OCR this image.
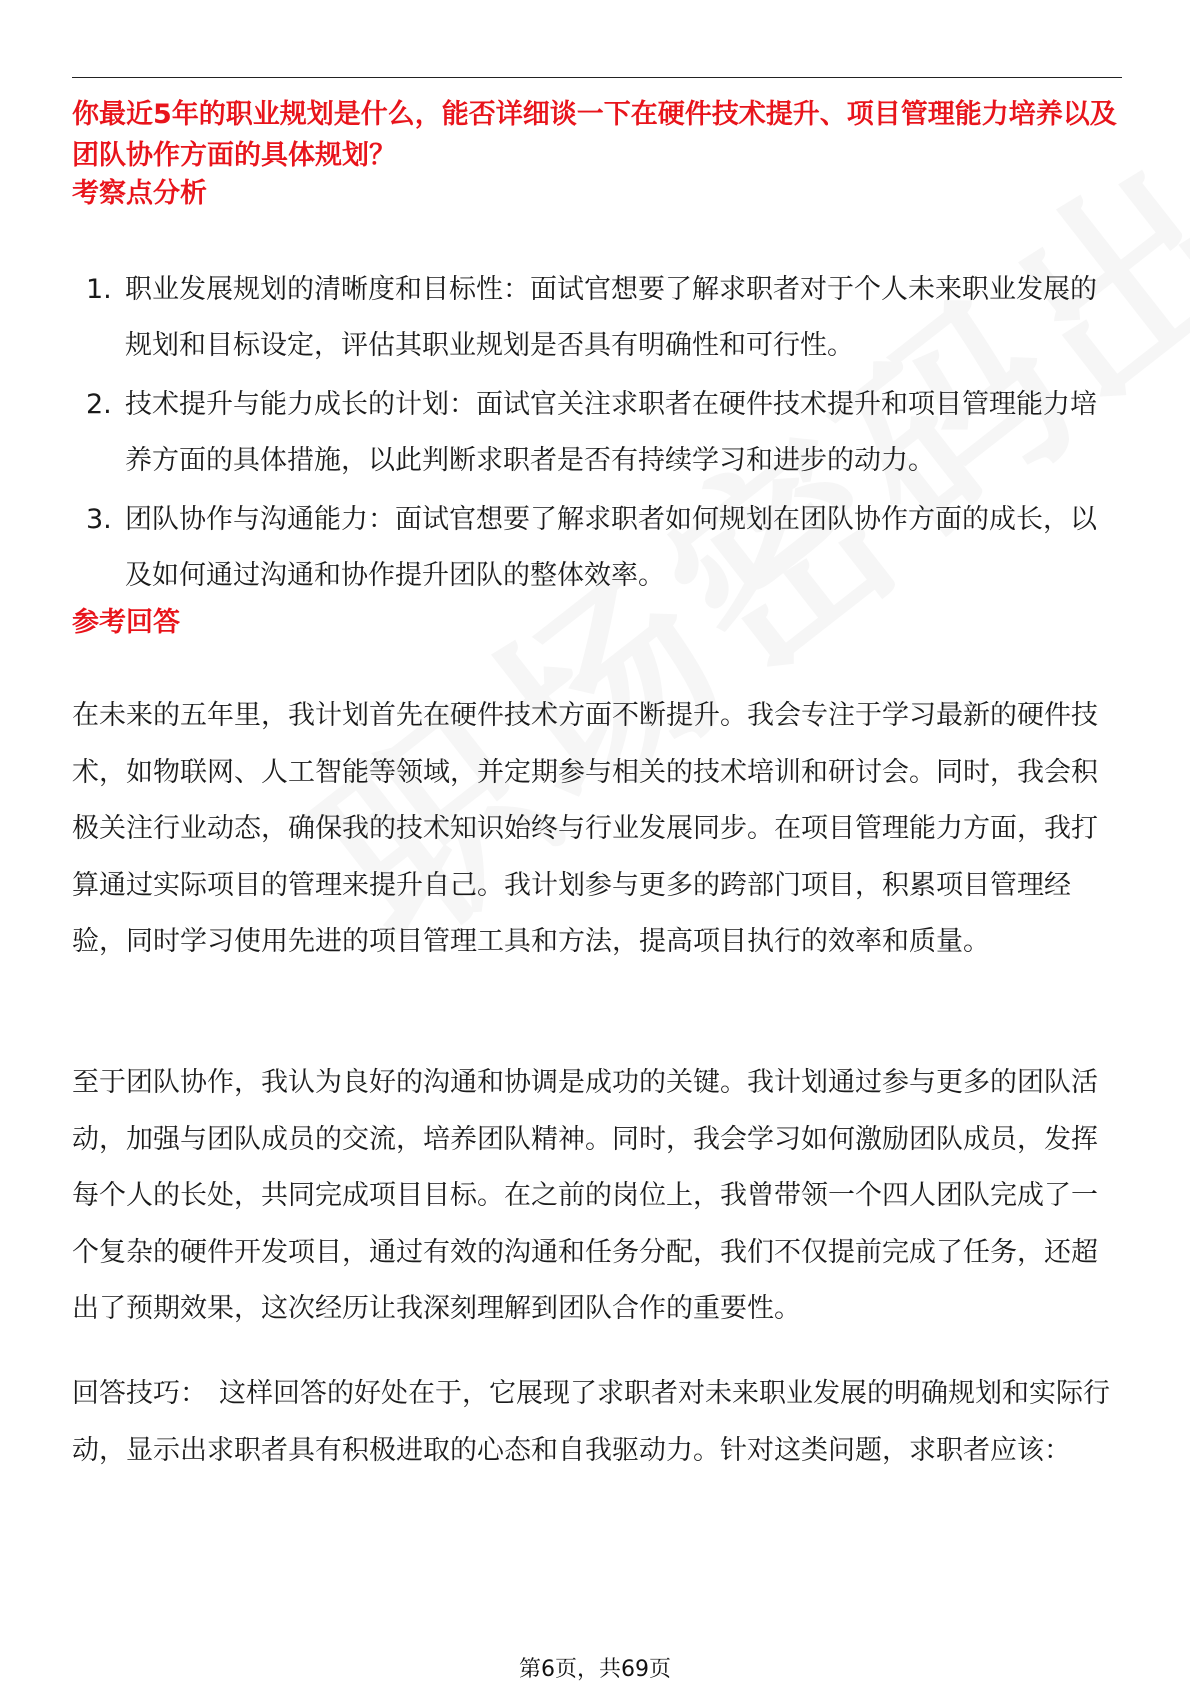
你最近5年的职业规划是什么，能否详细谈一下在硬件技术提升、项目管理能力培养以及团队协作方面的具体规划？
考察点分析
1. 职业发展规划的清晰度和目标性：面试官想要了解求职者对于个人未来职业发展的规划和目标设定，评估其职业规划是否具有明确性和可行性。
2. 技术提升与能力成长的计划：面试官关注求职者在硬件技术提升和项目管理能力培养方面的具体措施，以此判断求职者是否有持续学习和进步的动力。
3. 团队协作与沟通能力：面试官想要了解求职者如何规划在团队协作方面的成长，以及如何通过沟通和协作提升团队的整体效率。
参考回答

在未来的五年里，我计划首先在硬件技术方面不断提升。我会专注于学习最新的硬件技术，如物联网、人工智能等领域，并定期参与相关的技术培训和研讨会。同时，我会积极关注行业动态，确保我的技术知识始终与行业发展同步。在项目管理能力方面，我打算通过实际项目的管理来提升自己。我计划参与更多的跨部门项目，积累项目管理经验，同时学习使用先进的项目管理工具和方法，提高项目执行的效率和质量。

至于团队协作，我认为良好的沟通和协调是成功的关键。我计划通过参与更多的团队活动，加强与团队成员的交流，培养团队精神。同时，我会学习如何激励团队成员，发挥每个人的长处，共同完成项目目标。在之前的岗位上，我曾带领一个四人团队完成了一个复杂的硬件开发项目，通过有效的沟通和任务分配，我们不仅提前完成了任务，还超出了预期效果，这次经历让我深刻理解到团队合作的重要性。

回答技巧： 这样回答的好处在于，它展现了求职者对未来职业发展的明确规划和实际行动，显示出求职者具有积极进取的心态和自我驱动力。针对这类问题，求职者应该：

第6页，共69页
